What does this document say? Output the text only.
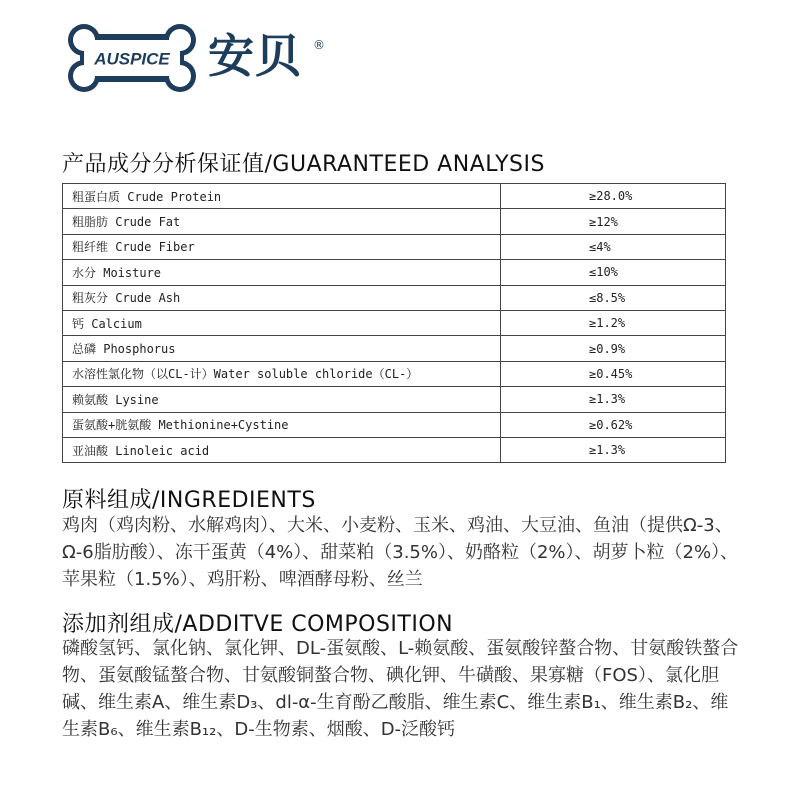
AUSPICE 安贝 ®
产品成分分析保证值/GUARANTEED ANALYSIS
粗蛋白质 Crude Protein	≥28.0%
粗脂肪 Crude Fat	≥12%
粗纤维 Crude Fiber	≤4%
水分 Moisture	≤10%
粗灰分 Crude Ash	≤8.5%
钙 Calcium	≥1.2%
总磷 Phosphorus	≥0.9%
水溶性氯化物（以CL-计）Water soluble chloride（CL-）	≥0.45%
赖氨酸 Lysine	≥1.3%
蛋氨酸+胱氨酸 Methionine+Cystine	≥0.62%
亚油酸 Linoleic acid	≥1.3%
原料组成/INGREDIENTS

鸡肉（鸡肉粉、水解鸡肉）、大米、小麦粉、玉米、鸡油、大豆油、鱼油（提供Ω-3、Ω-6脂肪酸）、冻干蛋黄（4%）、甜菜粕（3.5%）、奶酪粒（2%）、胡萝卜粒（2%）、苹果粒（1.5%）、鸡肝粉、啤酒酵母粉、丝兰

添加剂组成/ADDITVE COMPOSITION

磷酸氢钙、氯化钠、氯化钾、DL-蛋氨酸、L-赖氨酸、蛋氨酸锌螯合物、甘氨酸铁螯合物、蛋氨酸锰螯合物、甘氨酸铜螯合物、碘化钾、牛磺酸、果寡糖（FOS）、氯化胆碱、维生素A、维生素D₃、dl-α-生育酚乙酸脂、维生素C、维生素B₁、维生素B₂、维生素B₆、维生素B₁₂、D-生物素、烟酸、D-泛酸钙
